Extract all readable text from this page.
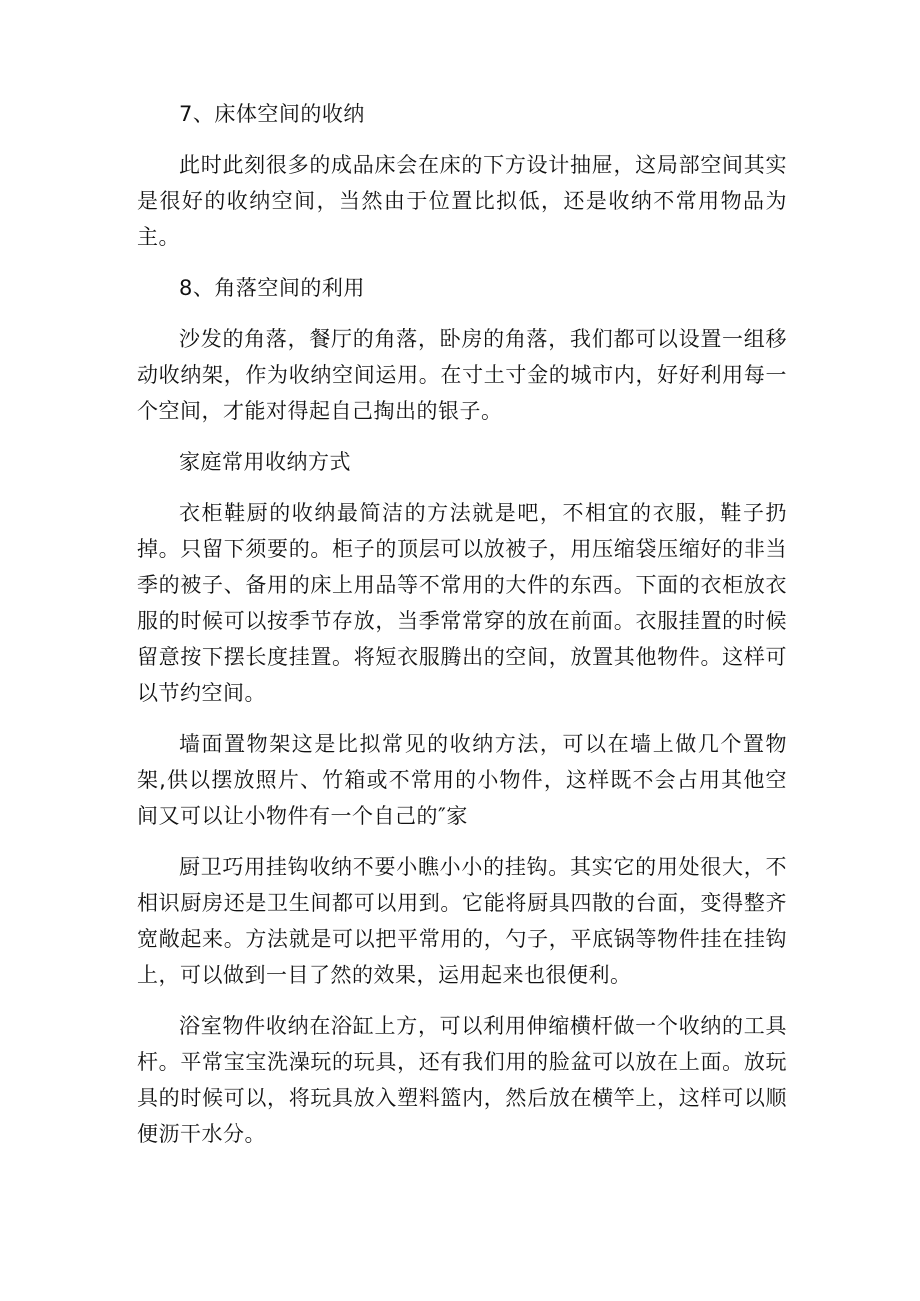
7、床体空间的收纳

此时此刻很多的成品床会在床的下方设计抽屉，这局部空间其实是很好的收纳空间，当然由于位置比拟低，还是收纳不常用物品为主。

8、角落空间的利用

沙发的角落，餐厅的角落，卧房的角落，我们都可以设置一组移动收纳架，作为收纳空间运用。在寸土寸金的城市内，好好利用每一个空间，才能对得起自己掏出的银子。

家庭常用收纳方式

衣柜鞋厨的收纳最简洁的方法就是吧，不相宜的衣服，鞋子扔掉。只留下须要的。柜子的顶层可以放被子，用压缩袋压缩好的非当季的被子、备用的床上用品等不常用的大件的东西。下面的衣柜放衣服的时候可以按季节存放，当季常常穿的放在前面。衣服挂置的时候留意按下摆长度挂置。将短衣服腾出的空间，放置其他物件。这样可以节约空间。

墙面置物架这是比拟常见的收纳方法，可以在墙上做几个置物架,供以摆放照片、竹箱或不常用的小物件，这样既不会占用其他空间又可以让小物件有一个自己的″家

厨卫巧用挂钩收纳不要小瞧小小的挂钩。其实它的用处很大，不相识厨房还是卫生间都可以用到。它能将厨具四散的台面，变得整齐宽敞起来。方法就是可以把平常用的，勺子，平底锅等物件挂在挂钩上，可以做到一目了然的效果，运用起来也很便利。

浴室物件收纳在浴缸上方，可以利用伸缩横杆做一个收纳的工具杆。平常宝宝洗澡玩的玩具，还有我们用的脸盆可以放在上面。放玩具的时候可以，将玩具放入塑料篮内，然后放在横竿上，这样可以顺便沥干水分。
